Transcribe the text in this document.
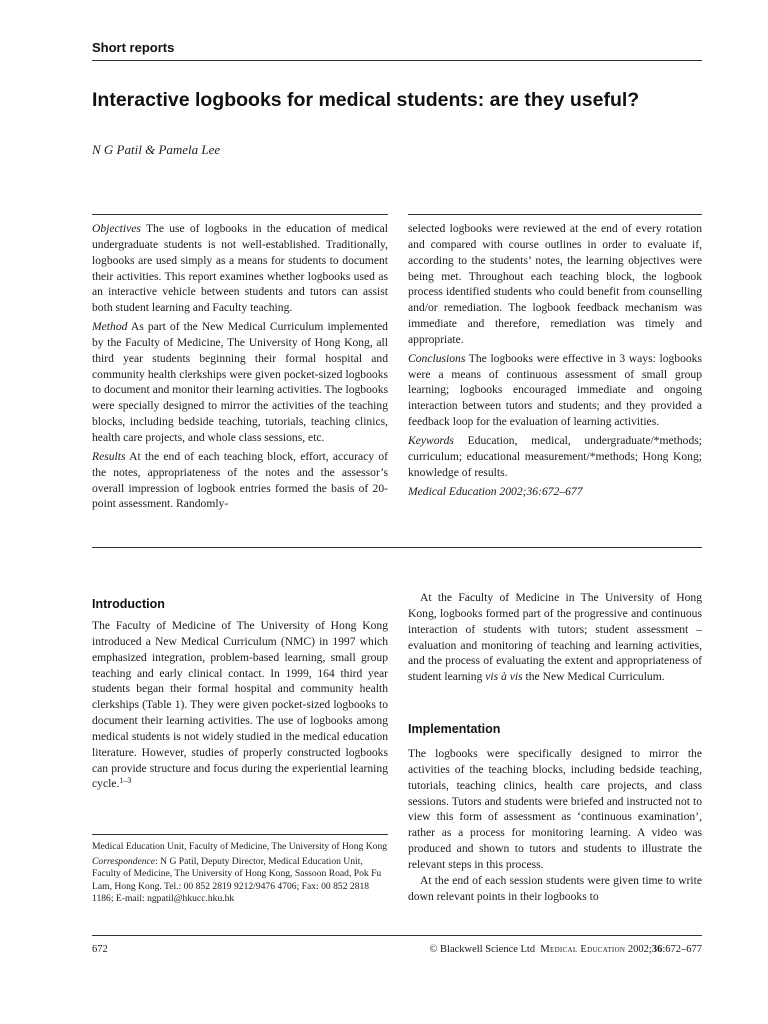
Short reports
Interactive logbooks for medical students: are they useful?
N G Patil & Pamela Lee

Objectives The use of logbooks in the education of medical undergraduate students is not well-established. Traditionally, logbooks are used simply as a means for students to document their activities. This report examines whether logbooks used as an interactive vehicle between students and tutors can assist both student learning and Faculty teaching.

Method As part of the New Medical Curriculum implemented by the Faculty of Medicine, The University of Hong Kong, all third year students beginning their formal hospital and community health clerkships were given pocket-sized logbooks to document and monitor their learning activities. The logbooks were specially designed to mirror the activities of the teaching blocks, including bedside teaching, tutorials, teaching clinics, health care projects, and whole class sessions, etc.

Results At the end of each teaching block, effort, accuracy of the notes, appropriateness of the notes and the assessor’s overall impression of logbook entries formed the basis of 20-point assessment. Randomly-

selected logbooks were reviewed at the end of every rotation and compared with course outlines in order to evaluate if, according to the students’ notes, the learning objectives were being met. Throughout each teaching block, the logbook process identified students who could benefit from counselling and/or remediation. The logbook feedback mechanism was immediate and therefore, remediation was timely and appropriate.

Conclusions The logbooks were effective in 3 ways: logbooks were a means of continuous assessment of small group learning; logbooks encouraged immediate and ongoing interaction between tutors and students; and they provided a feedback loop for the evaluation of learning activities.

Keywords Education, medical, undergraduate/*methods; curriculum; educational measurement/*methods; Hong Kong; knowledge of results.

Medical Education 2002;36:672–677

Introduction

The Faculty of Medicine of The University of Hong Kong introduced a New Medical Curriculum (NMC) in 1997 which emphasized integration, problem-based learning, small group teaching and early clinical contact. In 1999, 164 third year students began their formal hospital and community health clerkships (Table 1). They were given pocket-sized logbooks to document their learning activities. The use of logbooks among medical students is not widely studied in the medical education literature. However, studies of properly constructed logbooks can provide structure and focus during the experiential learning cycle.$^{1-3}$

At the Faculty of Medicine in The University of Hong Kong, logbooks formed part of the progressive and continuous interaction of students with tutors; student assessment – evaluation and monitoring of teaching and learning activities, and the process of evaluating the extent and appropriateness of student learning vis à vis the New Medical Curriculum.

Implementation

The logbooks were specifically designed to mirror the activities of the teaching blocks, including bedside teaching, tutorials, teaching clinics, health care projects, and class sessions. Tutors and students were briefed and instructed not to view this form of assessment as ‘continuous examination’, rather as a process for monitoring learning. A video was produced and shown to tutors and students to illustrate the relevant steps in this process.

At the end of each session students were given time to write down relevant points in their logbooks to

Medical Education Unit, Faculty of Medicine, The University of Hong Kong

Correspondence: N G Patil, Deputy Director, Medical Education Unit, Faculty of Medicine, The University of Hong Kong, Sassoon Road, Pok Fu Lam, Hong Kong. Tel.: 00 852 2819 9212/9476 4706; Fax: 00 852 2818 1186; E-mail: ngpatil@hkucc.hku.hk

672	© Blackwell Science Ltd Medical Education 2002;36:672–677
